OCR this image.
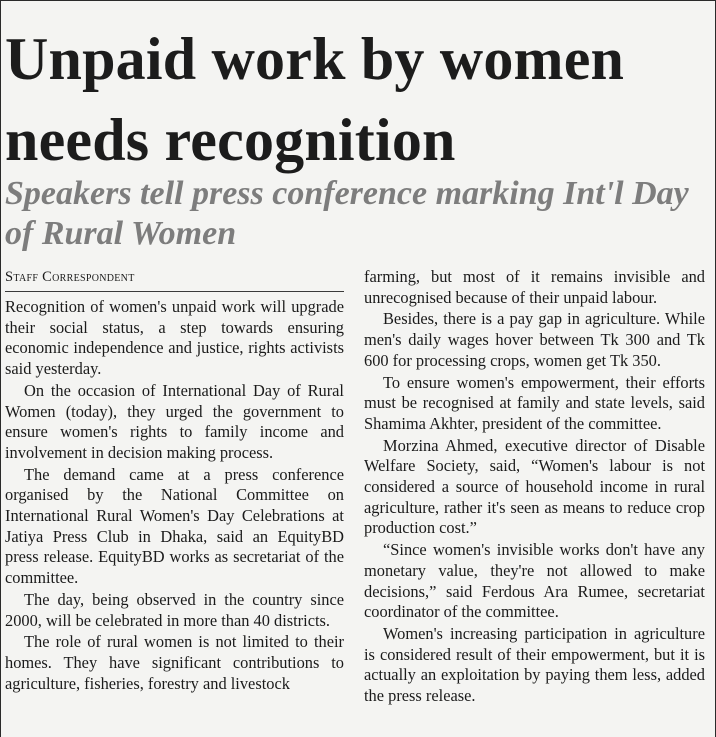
Unpaid work by women needs recognition
Speakers tell press conference marking Int'l Day of Rural Women
Staff Correspondent

Recognition of women's unpaid work will upgrade their social status, a step towards ensuring economic independence and justice, rights activists said yesterday.

On the occasion of International Day of Rural Women (today), they urged the government to ensure women's rights to family income and involvement in decision making process.

The demand came at a press conference organised by the National Committee on International Rural Women's Day Celebrations at Jatiya Press Club in Dhaka, said an EquityBD press release. EquityBD works as secretariat of the committee.

The day, being observed in the country since 2000, will be celebrated in more than 40 districts.

The role of rural women is not limited to their homes. They have significant contributions to agriculture, fisheries, forestry and livestock

farming, but most of it remains invisible and unrecognised because of their unpaid labour.

Besides, there is a pay gap in agriculture. While men's daily wages hover between Tk 300 and Tk 600 for processing crops, women get Tk 350.

To ensure women's empowerment, their efforts must be recognised at family and state levels, said Shamima Akhter, president of the committee.

Morzina Ahmed, executive director of Disable Welfare Society, said, “Women's labour is not considered a source of household income in rural agriculture, rather it's seen as means to reduce crop production cost.”

“Since women's invisible works don't have any monetary value, they're not allowed to make decisions,” said Ferdous Ara Rumee, secretariat coordinator of the committee.

Women's increasing participation in agriculture is considered result of their empowerment, but it is actually an exploitation by paying them less, added the press release.
